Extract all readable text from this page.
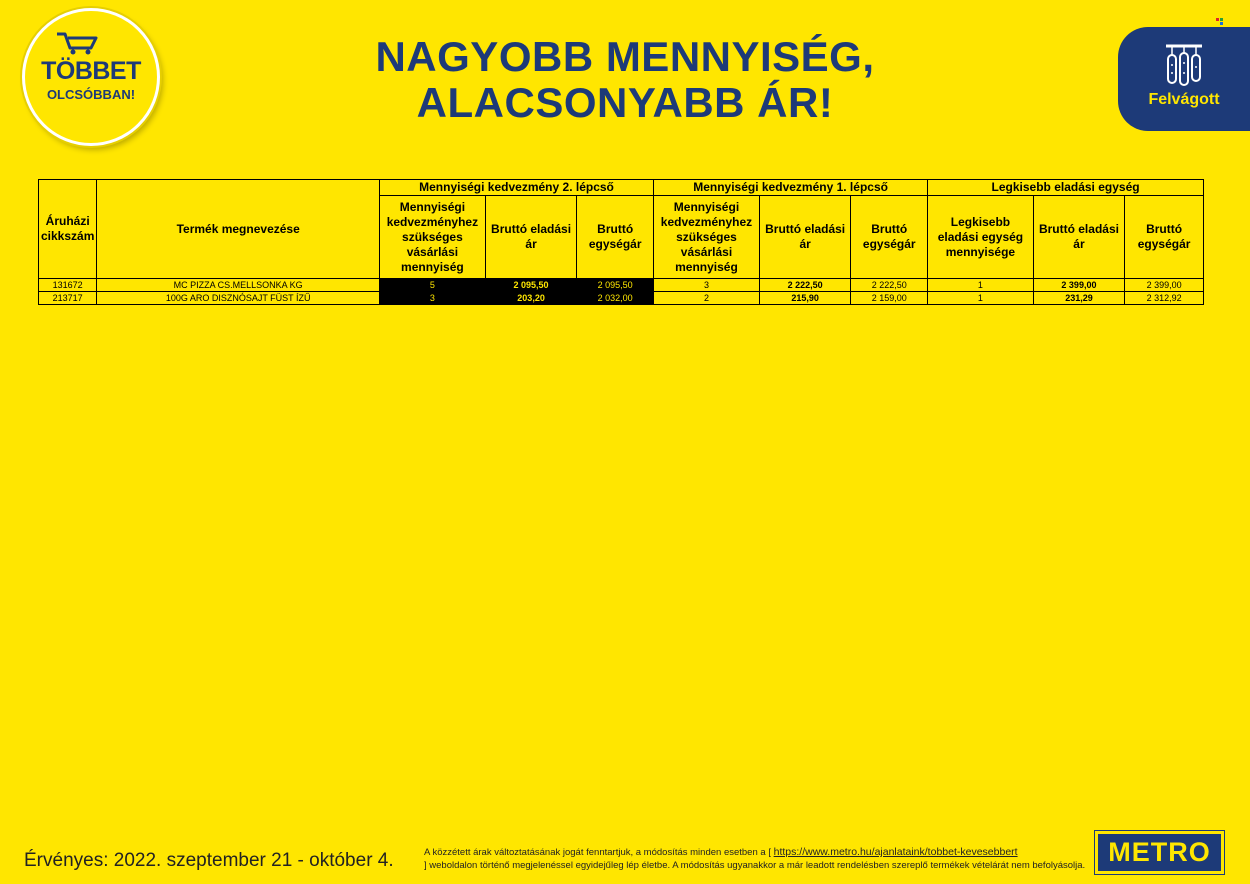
TÖBBET
OLCSÓBBAN!
NAGYOBB MENNYISÉG,
ALACSONYABB ÁR!	Felvágott
Áruházi cikkszám	Termék megnevezése	Mennyiségi kedvezmény 2. lépcső			Mennyiségi kedvezmény 1. lépcső			Legkisebb eladási egység		
		Mennyiségi kedvezményhez szükséges vásárlási mennyiség	Bruttó eladási ár	Bruttó egységár	Mennyiségi kedvezményhez szükséges vásárlási mennyiség	Bruttó eladási ár	Bruttó egységár	Legkisebb eladási egység mennyisége	Bruttó eladási ár	Bruttó egységár
131672	MC PIZZA CS.MELLSONKA KG	5	2 095,50	2 095,50	3	2 222,50	2 222,50	1	2 399,00	2 399,00
213717	100G ARO DISZNÓSAJT FÜST ÍZŰ	3	203,20	2 032,00	2	215,90	2 159,00	1	231,29	2 312,92
Érvényes: 2022. szeptember 21 - október 4.	A közzétett árak változtatásának jogát fenntartjuk, a módosítás minden esetben a [ https://www.metro.hu/ajanlataink/tobbet-kevesebbert
] weboldalon történő megjelenéssel egyidejűleg lép életbe. A módosítás ugyanakkor a már leadott rendelésben szereplő termékek vételárát nem befolyásolja. METRO
